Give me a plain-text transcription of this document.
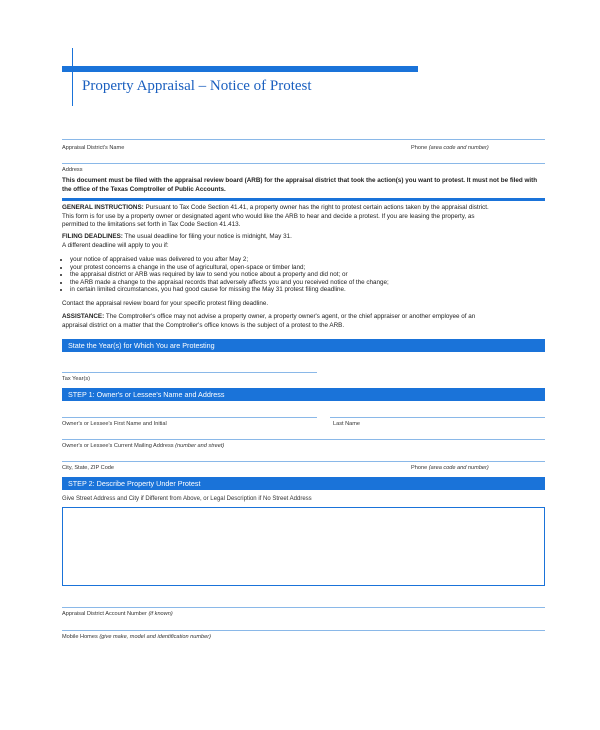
Property Appraisal – Notice of Protest
Appraisal District's Name	Phone (area code and number)
Address
This document must be filed with the appraisal review board (ARB) for the appraisal district that took the action(s) you want to protest. It must not be filed with the office of the Texas Comptroller of Public Accounts.
GENERAL INSTRUCTIONS: Pursuant to Tax Code Section 41.41, a property owner has the right to protest certain actions taken by the appraisal district.
This form is for use by a property owner or designated agent who would like the ARB to hear and decide a protest. If you are leasing the property, as
permitted to the limitations set forth in Tax Code Section 41.413.
FILING DEADLINES: The usual deadline for filing your notice is midnight, May 31.
A different deadline will apply to you if:
• your notice of appraised value was delivered to you after May 2;
• your protest concerns a change in the use of agricultural, open-space or timber land;
• the appraisal district or ARB was required by law to send you notice about a property and did not; or
• the ARB made a change to the appraisal records that adversely affects you and you received notice of the change;
• in certain limited circumstances, you had good cause for missing the May 31 protest filing deadline.
Contact the appraisal review board for your specific protest filing deadline.
ASSISTANCE: The Comptroller's office may not advise a property owner, a property owner's agent, or the chief appraiser or another employee of an
appraisal district on a matter that the Comptroller's office knows is the subject of a protest to the ARB.
State the Year(s) for Which You are Protesting
Tax Year(s)
STEP 1: Owner's or Lessee's Name and Address
Owner's or Lessee's First Name and Initial	Last Name
Owner's or Lessee's Current Mailing Address (number and street)
City, State, ZIP Code	Phone (area code and number)
STEP 2: Describe Property Under Protest
Give Street Address and City if Different from Above, or Legal Description if No Street Address
Appraisal District Account Number (if known)
Mobile Homes (give make, model and identification number)
